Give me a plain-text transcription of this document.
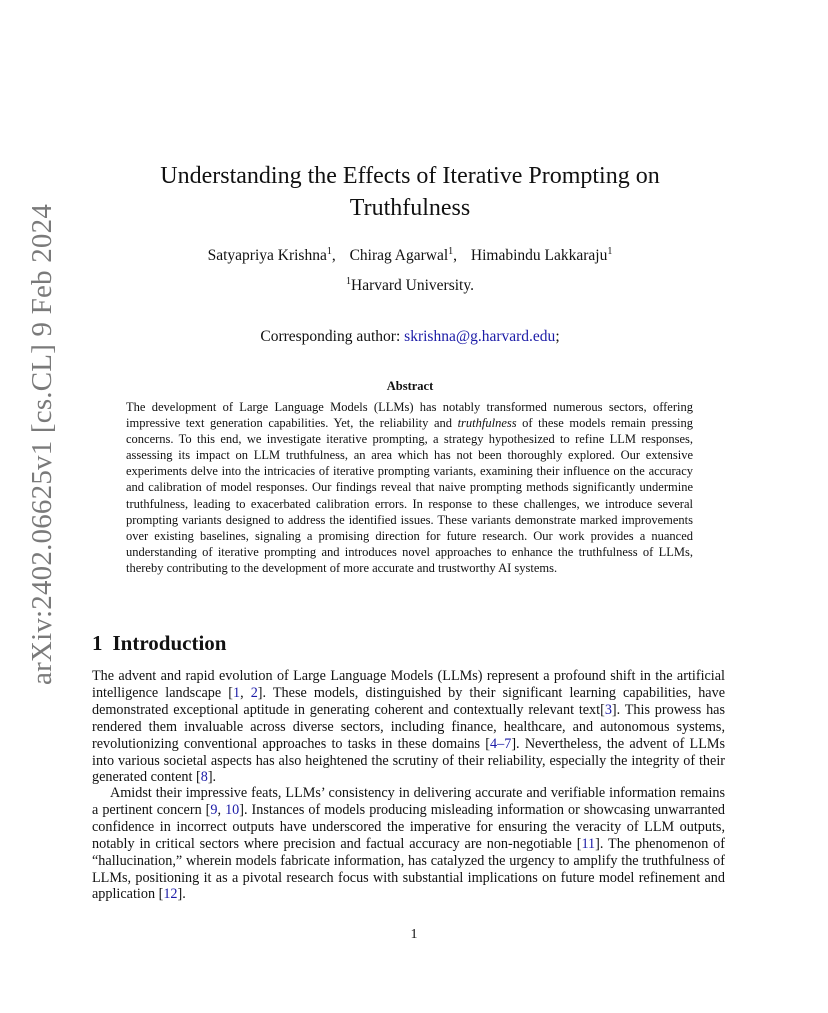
arXiv:2402.06625v1 [cs.CL] 9 Feb 2024
Understanding the Effects of Iterative Prompting on Truthfulness
Satyapriya Krishna$^1$, Chirag Agarwal$^1$, Himabindu Lakkaraju$^1$
$^1$Harvard University.
Corresponding author: skrishna@g.harvard.edu;
Abstract

The development of Large Language Models (LLMs) has notably transformed numerous sectors, offering impressive text generation capabilities. Yet, the reliability and truthfulness of these models remain pressing concerns. To this end, we investigate iterative prompting, a strategy hypothesized to refine LLM responses, assessing its impact on LLM truthfulness, an area which has not been thoroughly explored. Our extensive experiments delve into the intricacies of iterative prompting variants, examining their influence on the accuracy and calibration of model responses. Our findings reveal that naive prompting methods significantly undermine truthfulness, leading to exacerbated calibration errors. In response to these challenges, we introduce several prompting variants designed to address the identified issues. These variants demonstrate marked improvements over existing baselines, signaling a promising direction for future research. Our work provides a nuanced understanding of iterative prompting and introduces novel approaches to enhance the truthfulness of LLMs, thereby contributing to the development of more accurate and trustworthy AI systems.

1 Introduction

The advent and rapid evolution of Large Language Models (LLMs) represent a profound shift in the artificial intelligence landscape [1, 2]. These models, distinguished by their significant learning capabilities, have demonstrated exceptional aptitude in generating coherent and contextually relevant text[3]. This prowess has rendered them invaluable across diverse sectors, including finance, healthcare, and autonomous systems, revolutionizing conventional approaches to tasks in these domains [4–7]. Nevertheless, the advent of LLMs into various societal aspects has also heightened the scrutiny of their reliability, especially the integrity of their generated content [8].

Amidst their impressive feats, LLMs’ consistency in delivering accurate and verifiable information remains a pertinent concern [9, 10]. Instances of models producing misleading information or showcasing unwarranted confidence in incorrect outputs have underscored the imperative for ensuring the veracity of LLM outputs, notably in critical sectors where precision and factual accuracy are non-negotiable [11]. The phenomenon of “hallucination,” wherein models fabricate information, has catalyzed the urgency to amplify the truthfulness of LLMs, positioning it as a pivotal research focus with substantial implications on future model refinement and application [12].

1
